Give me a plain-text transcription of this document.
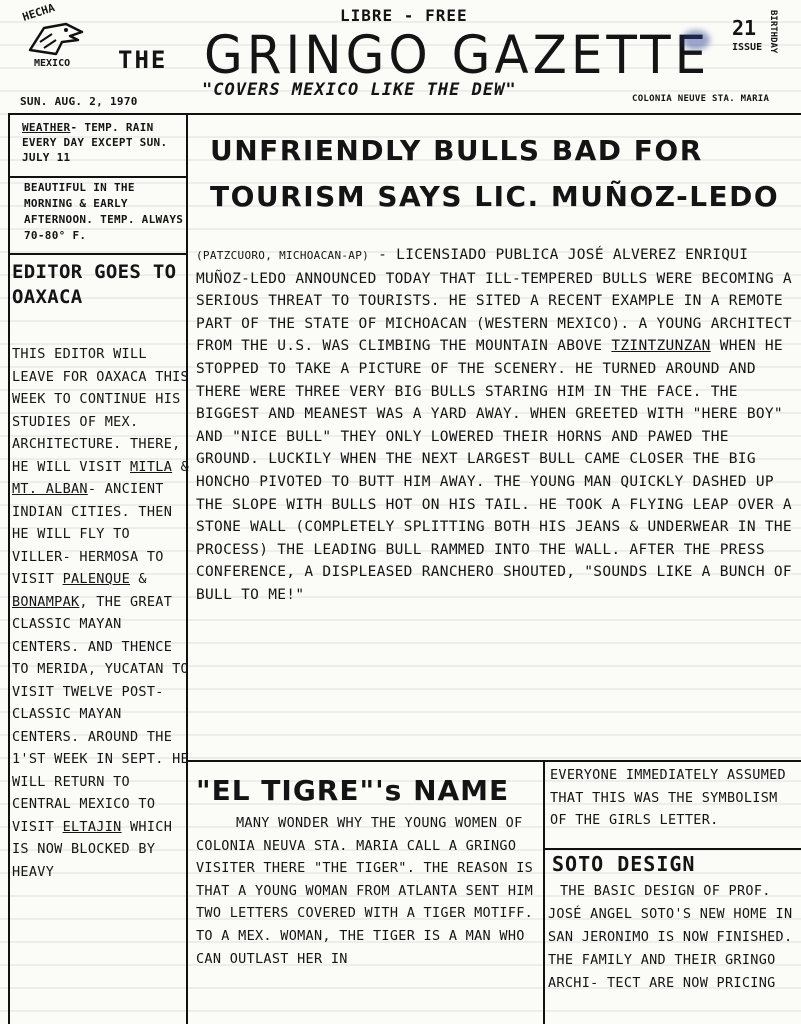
LIBRE - FREE
HECHA
MEXICO THE GRINGO GAZETTE
"COVERS MEXICO LIKE THE DEW"
BIRTHDAY
21
ISSUE
SUN. AUG. 2, 1970	COLONIA NEUVE STA. MARIA
WEATHER- TEMP. RAIN EVERY DAY EXCEPT SUN. JULY 11
BEAUTIFUL IN THE MORNING & EARLY AFTERNOON. TEMP. ALWAYS 70-80° F.
EDITOR GOES TO OAXACA
THIS EDITOR WILL LEAVE FOR OAXACA THIS WEEK TO CONTINUE HIS STUDIES OF MEX. ARCHITECTURE. THERE, HE WILL VISIT MITLA & MT. ALBAN- ANCIENT INDIAN CITIES. THEN HE WILL FLY TO VILLER- HERMOSA TO VISIT PALENQUE & BONAMPAK, THE GREAT CLASSIC MAYAN CENTERS. AND THENCE TO MERIDA, YUCATAN TO VISIT TWELVE POST-CLASSIC MAYAN CENTERS. AROUND THE 1'ST WEEK IN SEPT. HE WILL RETURN TO CENTRAL MEXICO TO VISIT ELTAJIN WHICH IS NOW BLOCKED BY HEAVY
UNFRIENDLY BULLS BAD FOR
TOURISM SAYS LIC. MUÑOZ-LEDO
(PATZCUORO, MICHOACAN-AP) - LICENSIADO PUBLICA JOSÉ ALVEREZ ENRIQUI MUÑOZ-LEDO ANNOUNCED TODAY THAT ILL-TEMPERED BULLS WERE BECOMING A SERIOUS THREAT TO TOURISTS. HE SITED A RECENT EXAMPLE IN A REMOTE PART OF THE STATE OF MICHOACAN (WESTERN MEXICO). A YOUNG ARCHITECT FROM THE U.S. WAS CLIMBING THE MOUNTAIN ABOVE TZINTZUNZAN WHEN HE STOPPED TO TAKE A PICTURE OF THE SCENERY. HE TURNED AROUND AND THERE WERE THREE VERY BIG BULLS STARING HIM IN THE FACE. THE BIGGEST AND MEANEST WAS A YARD AWAY. WHEN GREETED WITH "HERE BOY" AND "NICE BULL" THEY ONLY LOWERED THEIR HORNS AND PAWED THE GROUND. LUCKILY WHEN THE NEXT LARGEST BULL CAME CLOSER THE BIG HONCHO PIVOTED TO BUTT HIM AWAY. THE YOUNG MAN QUICKLY DASHED UP THE SLOPE WITH BULLS HOT ON HIS TAIL. HE TOOK A FLYING LEAP OVER A STONE WALL (COMPLETELY SPLITTING BOTH HIS JEANS & UNDERWEAR IN THE PROCESS) THE LEADING BULL RAMMED INTO THE WALL. AFTER THE PRESS CONFERENCE, A DISPLEASED RANCHERO SHOUTED, "SOUNDS LIKE A BUNCH OF BULL TO ME!"
"EL TIGRE"'s NAME
MANY WONDER WHY THE YOUNG WOMEN OF COLONIA NEUVA STA. MARIA CALL A GRINGO VISITER THERE "THE TIGER". THE REASON IS THAT A YOUNG WOMAN FROM ATLANTA SENT HIM TWO LETTERS COVERED WITH A TIGER MOTIFF. TO A MEX. WOMAN, THE TIGER IS A MAN WHO CAN OUTLAST HER IN
EVERYONE IMMEDIATELY ASSUMED THAT THIS WAS THE SYMBOLISM OF THE GIRLS LETTER.
SOTO DESIGN
THE BASIC DESIGN OF PROF. JOSÉ ANGEL SOTO'S NEW HOME IN SAN JERONIMO IS NOW FINISHED. THE FAMILY AND THEIR GRINGO ARCHI- TECT ARE NOW PRICING
